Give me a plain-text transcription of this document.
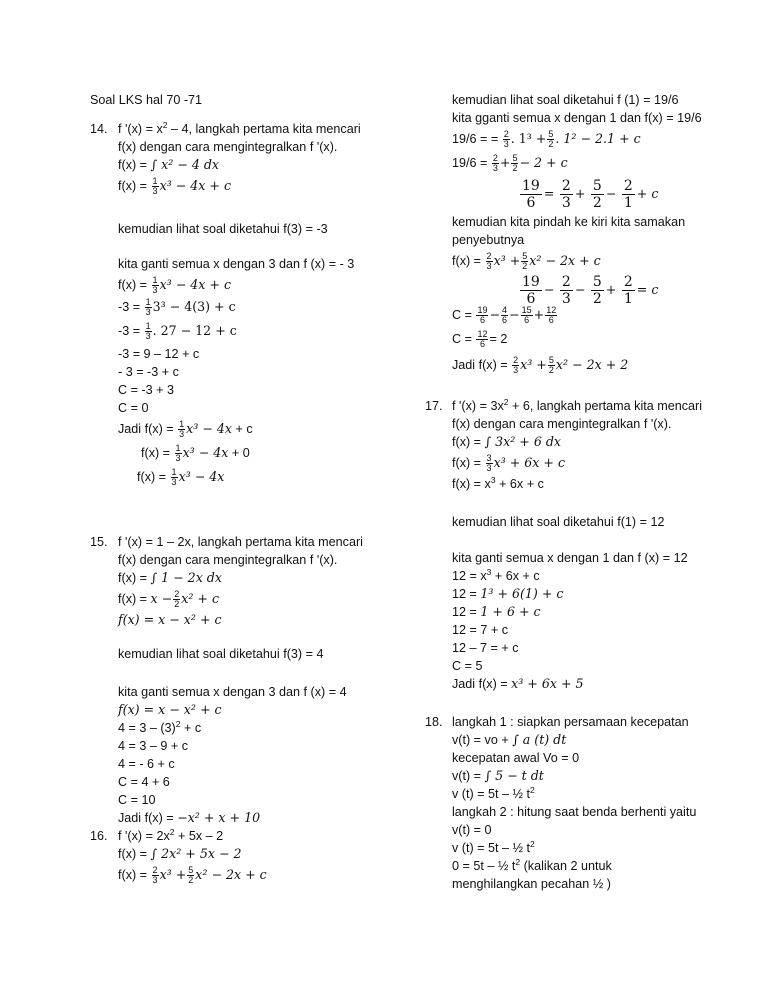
Soal LKS hal 70 -71
14. f '$(x) = x^2 - 4$, langkah pertama kita mencari
f(x) dengan cara mengintegralkan f '(x).
f(x) = ∫ x² − 4 dx
$f(x) = \frac{1}{3} x^3 - 4x + c$
kemudian lihat soal diketahui f(3) = -3
kita ganti semua x dengan 3 dan f (x) = - 3
$f(x) = \frac{1}{3} x^3 - 4x + c$
$-3 = \frac{1}{3} 3^3 - 4(3) + c$
$-3 = \frac{1}{3}$ . 27 − 12 + c
-3 = 9 – 12 + c
- 3 = -3 + c
C = -3 + 3
C = 0
Jadi $f(x) = \frac{1}{3} x^3 - 4x + c$
$f(x) = \frac{1}{3} x^3 - 4x + 0$
$f(x) = \frac{1}{3} x^3 - 4x$
15. f '(x) = 1 – 2x, langkah pertama kita mencari
f(x) dengan cara mengintegralkan f '(x).
f(x) = ∫ 1 − 2x dx
$f(x) = x - \frac{2}{2} x^2 + c$
f(x) = x − x² + c
kemudian lihat soal diketahui f(3) = 4
kita ganti semua x dengan 3 dan f (x) = 4
f(x) = x − x² + c
$4 = 3 - (3)^2 + c$
4 = 3 – 9 + c
4 = - 6 + c
C = 4 + 6
C = 10
Jadi f(x) = −x² + x + 10
16. f '$(x) = 2x^2 + 5x - 2$
f(x) = ∫ 2x² + 5x − 2
$f(x) = \frac{2}{3} x^3 + \frac{5}{2} x^2 - 2x + c$
kemudian lihat soal diketahui f (1) = 19/6
kita gganti semua x dengan 1 dan f(x) = 19/6
19/6 = = $\frac{2}{3}$ . $1^3 + \frac{5}{2}$ . 1² − 2.1 + c
$19/6 = \frac{2}{3} + \frac{5}{2} - 2 + c$
$\frac{19}{6} = \frac{2}{3} + \frac{5}{2} - \frac{2}{1} + c$
kemudian kita pindah ke kiri kita samakan
penyebutnya
$f(x) = \frac{2}{3} x^3 + \frac{5}{2} x^2 - 2x + c$
$\frac{19}{6} - \frac{2}{3} - \frac{5}{2} + \frac{2}{1} = c$
$C = \frac{19}{6} - \frac{4}{6} - \frac{15}{6} + \frac{12}{6}$
$C = \frac{12}{6} = 2$
Jadi $f(x) = \frac{2}{3} x^3 + \frac{5}{2} x^2 - 2x + 2$
17. f '$(x) = 3x^2 + 6$, langkah pertama kita mencari
f(x) dengan cara mengintegralkan f '(x).
f(x) = ∫ 3x² + 6 dx
$f(x) = \frac{3}{3} x^3 + 6x + c$
$f(x) = x^3 + 6x + c$
kemudian lihat soal diketahui f(1) = 12
kita ganti semua x dengan 1 dan f (x) = 12
$12 = x^3 + 6x + c$
12 = 1³ + 6(1) + c
12 = 1 + 6 + c
12 = 7 + c
12 – 7 = + c
C = 5
Jadi f(x) = x³ + 6x + 5
18. langkah 1 : siapkan persamaan kecepatan
v(t) = vo + ∫ a (t) dt
kecepatan awal Vo = 0
v(t) = ∫ 5 − t dt
v (t) = 5t – ½ $t^2$
langkah 2 : hitung saat benda berhenti yaitu
v(t) = 0
v (t) = 5t – ½ $t^2$
0 = 5t – ½ $t^2$ (kalikan 2 untuk
menghilangkan pecahan ½ )
